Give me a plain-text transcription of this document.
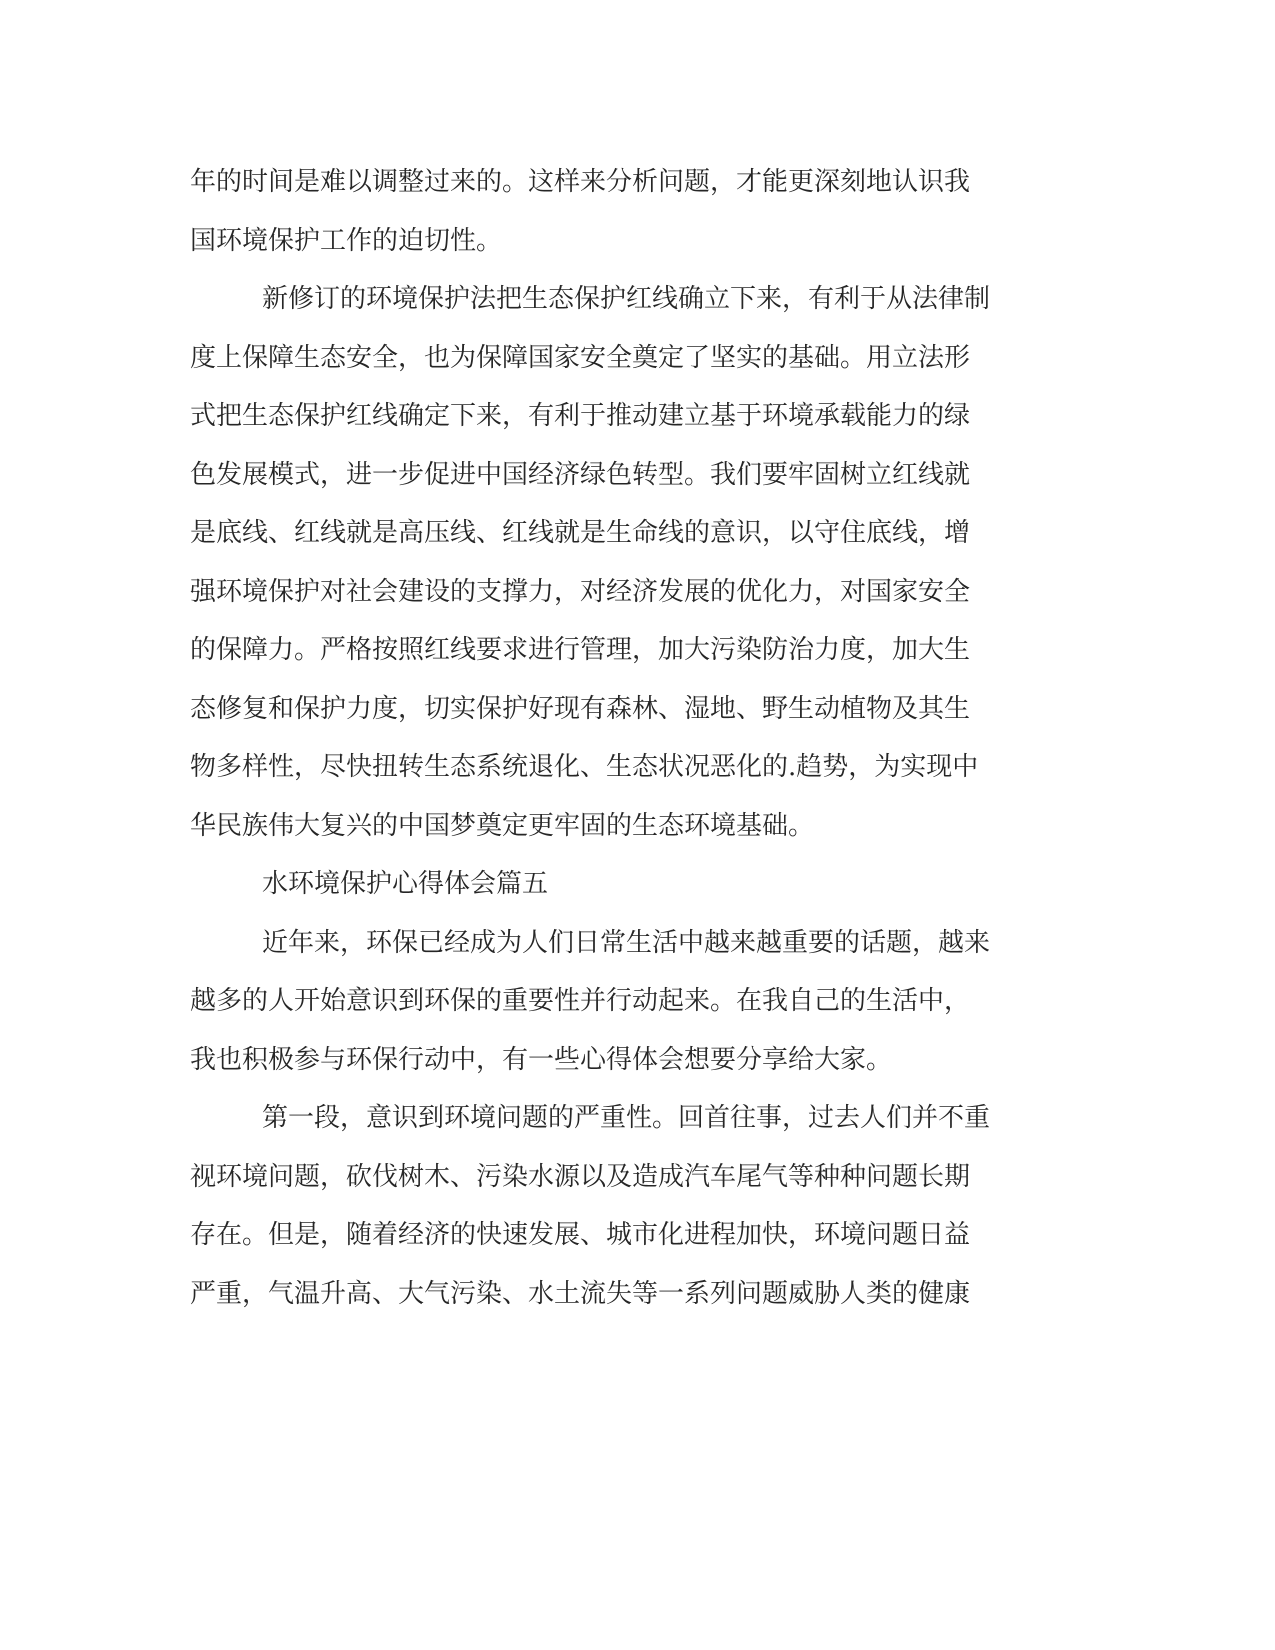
年的时间是难以调整过来的。这样来分析问题，才能更深刻地认识我

国环境保护工作的迫切性。

新修订的环境保护法把生态保护红线确立下来，有利于从法律制

度上保障生态安全，也为保障国家安全奠定了坚实的基础。用立法形

式把生态保护红线确定下来，有利于推动建立基于环境承载能力的绿

色发展模式，进一步促进中国经济绿色转型。我们要牢固树立红线就

是底线、红线就是高压线、红线就是生命线的意识，以守住底线，增

强环境保护对社会建设的支撑力，对经济发展的优化力，对国家安全

的保障力。严格按照红线要求进行管理，加大污染防治力度，加大生

态修复和保护力度，切实保护好现有森林、湿地、野生动植物及其生

物多样性，尽快扭转生态系统退化、生态状况恶化的.趋势，为实现中

华民族伟大复兴的中国梦奠定更牢固的生态环境基础。

水环境保护心得体会篇五

近年来，环保已经成为人们日常生活中越来越重要的话题，越来

越多的人开始意识到环保的重要性并行动起来。在我自己的生活中，

我也积极参与环保行动中，有一些心得体会想要分享给大家。

第一段，意识到环境问题的严重性。回首往事，过去人们并不重

视环境问题，砍伐树木、污染水源以及造成汽车尾气等种种问题长期

存在。但是，随着经济的快速发展、城市化进程加快，环境问题日益

严重，气温升高、大气污染、水土流失等一系列问题威胁人类的健康
